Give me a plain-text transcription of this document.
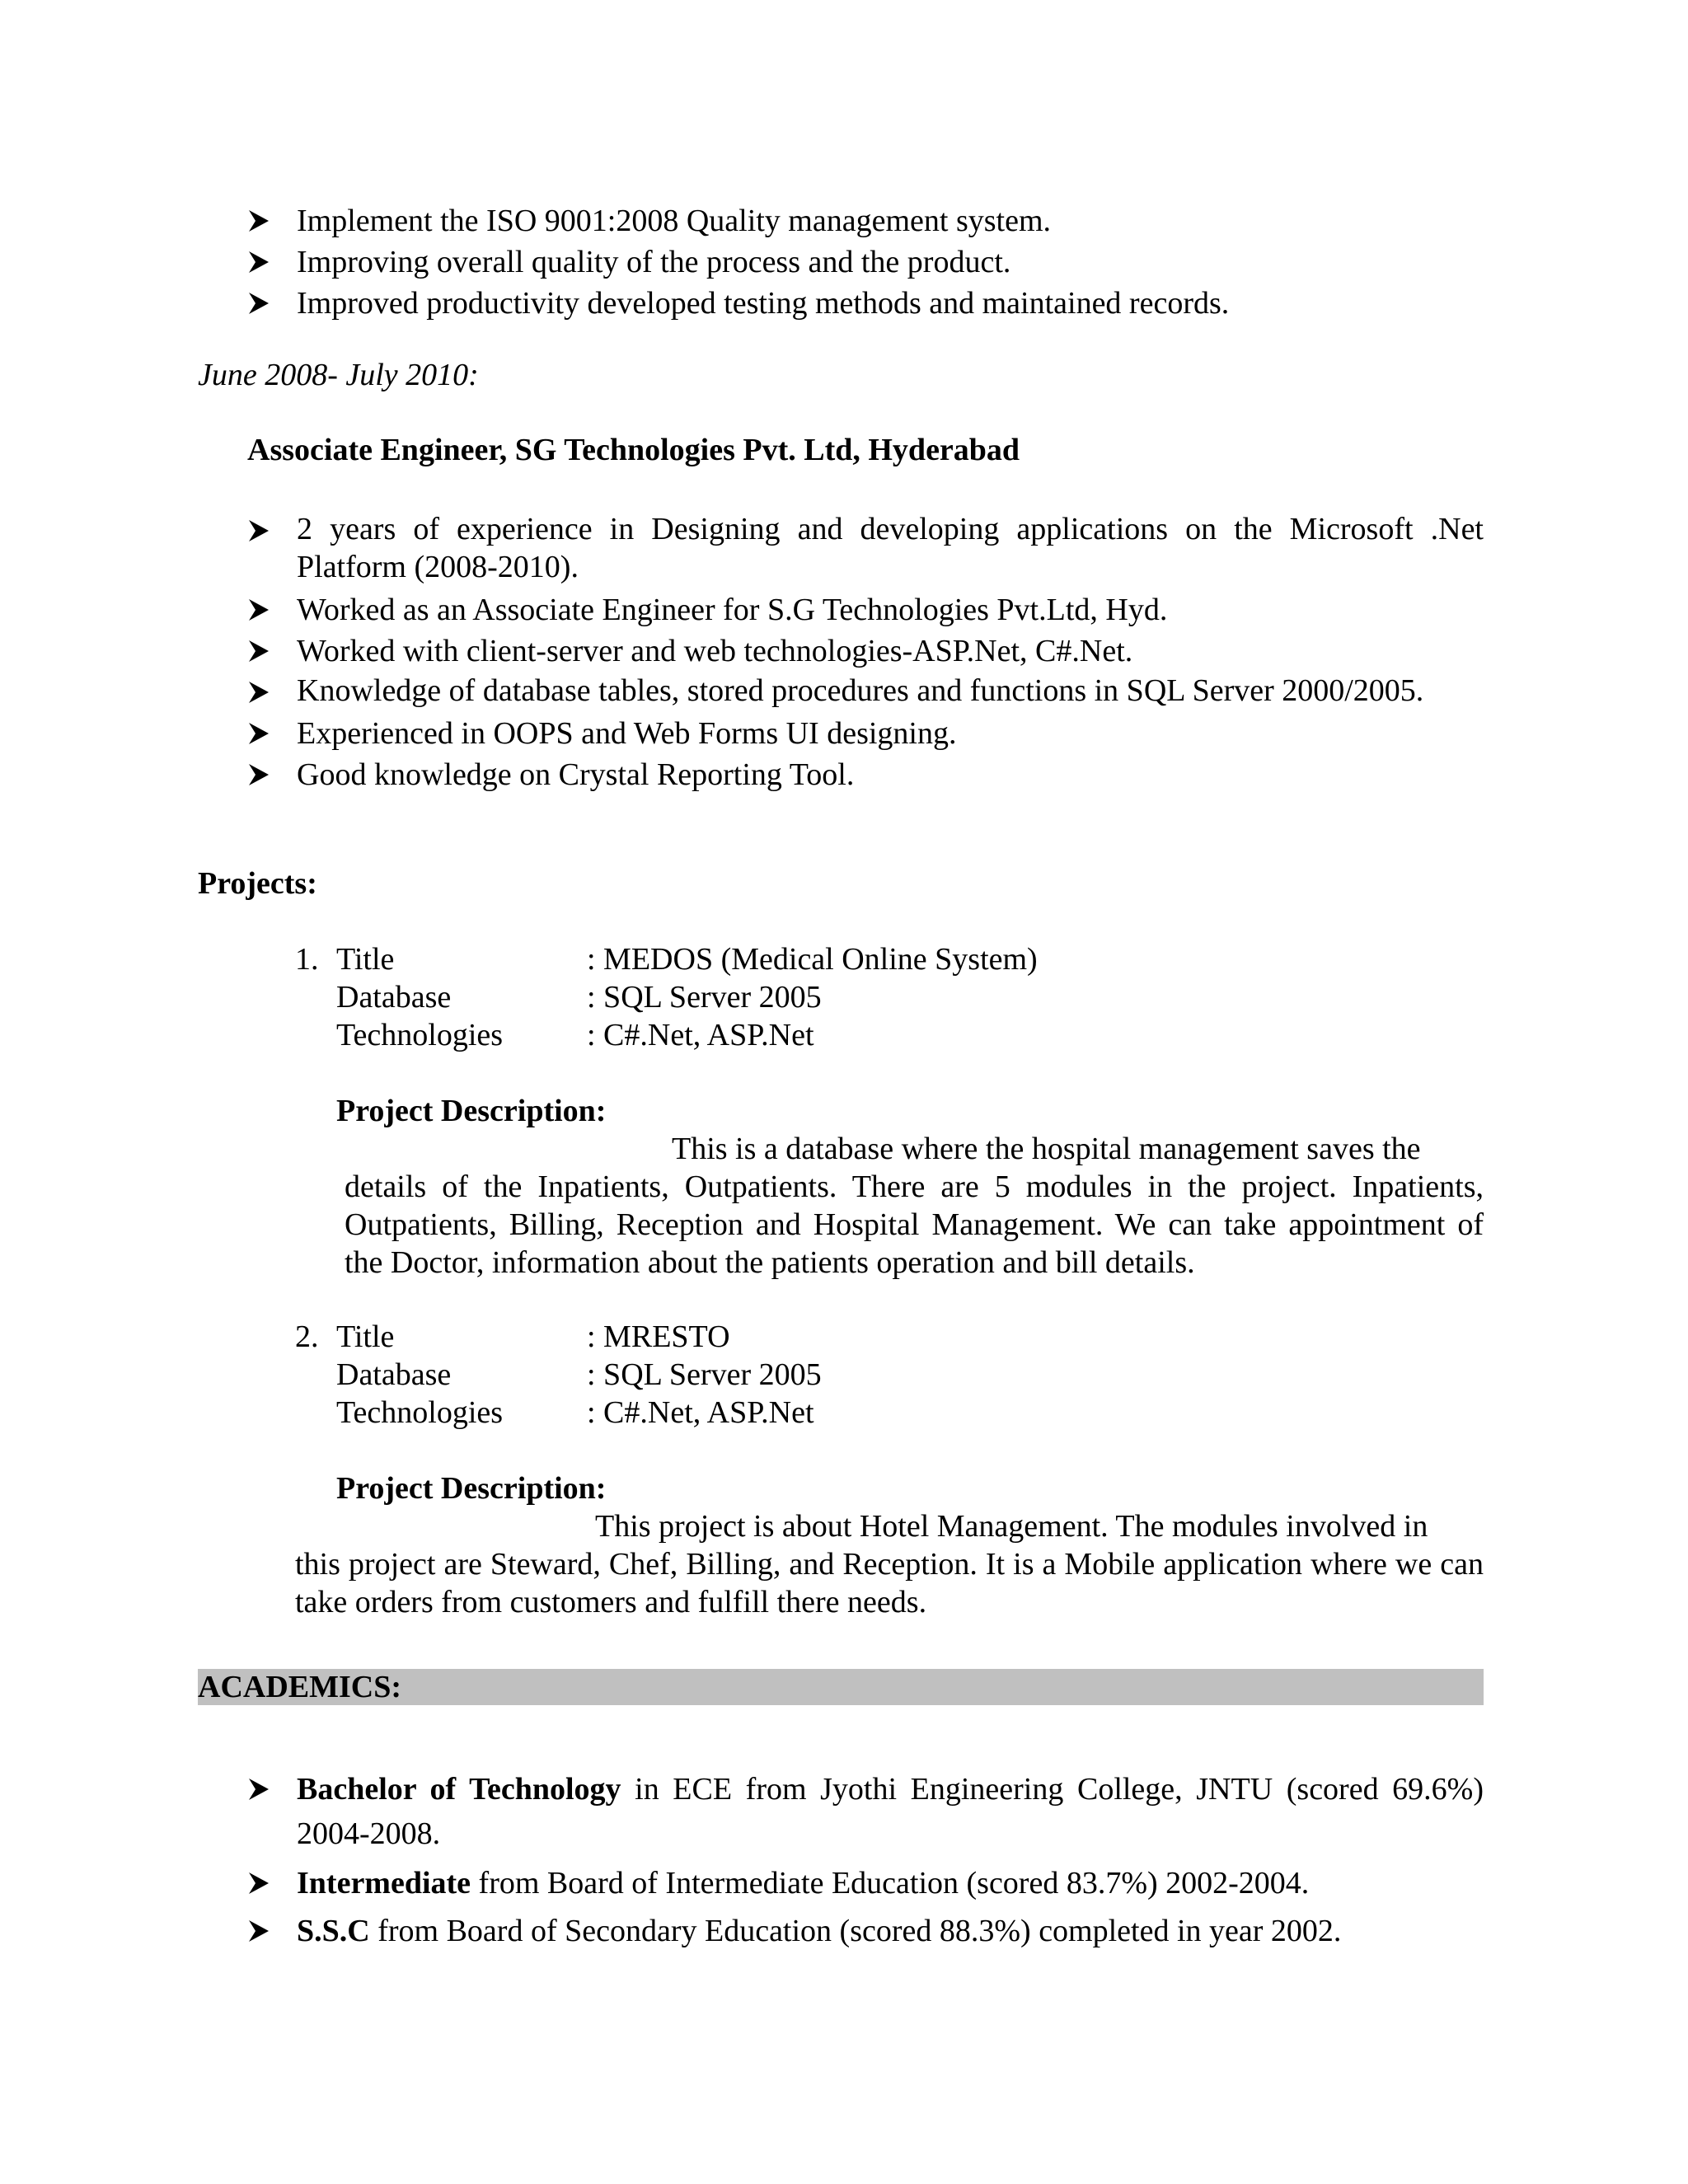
Implement the ISO 9001:2008 Quality management system.
Improving overall quality of the process and the product.
Improved productivity developed testing methods and maintained records.

June 2008- July 2010:

Associate Engineer, SG Technologies Pvt. Ltd, Hyderabad

2 years of experience in Designing and developing applications on the Microsoft .Net Platform (2008-2010).
Worked as an Associate Engineer for S.G Technologies Pvt.Ltd, Hyd.
Worked with client-server and web technologies-ASP.Net, C#.Net.
Knowledge of database tables, stored procedures and functions in SQL Server 2000/2005.
Experienced in OOPS and Web Forms UI designing.
Good knowledge on Crystal Reporting Tool.

Projects:

1. Title	: MEDOS (Medical Online System)

Database	: SQL Server 2005

Technologies	: C#.Net, ASP.Net

Project Description:

This is a database where the hospital management saves the

details of the Inpatients, Outpatients. There are 5 modules in the project. Inpatients, Outpatients, Billing, Reception and Hospital Management. We can take appointment of the Doctor, information about the patients operation and bill details.

2. Title	: MRESTO

Database	: SQL Server 2005

Technologies	: C#.Net, ASP.Net

Project Description:

This project is about Hotel Management. The modules involved in

this project are Steward, Chef, Billing, and Reception. It is a Mobile application where we can take orders from customers and fulfill there needs.

ACADEMICS:

Bachelor of Technology in ECE from Jyothi Engineering College, JNTU (scored 69.6%) 2004-2008.
Intermediate from Board of Intermediate Education (scored 83.7%) 2002-2004.
S.S.C from Board of Secondary Education (scored 88.3%) completed in year 2002.
